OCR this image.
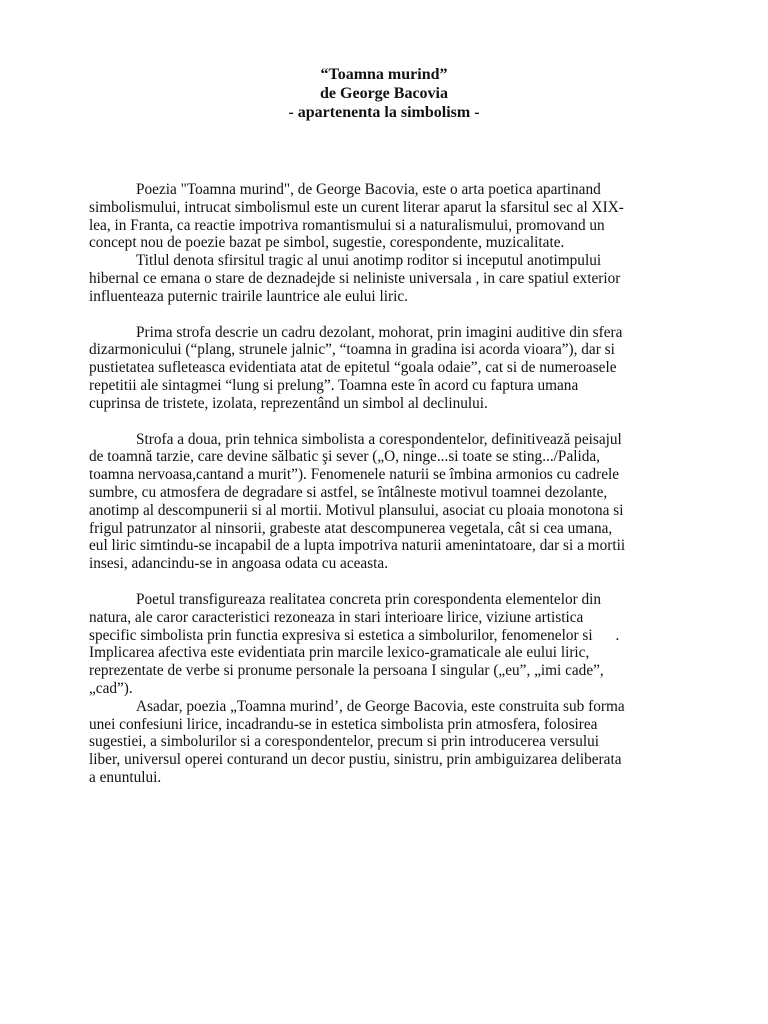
“Toamna murind”
de George Bacovia
- apartenenta la simbolism -

Poezia "Toamna murind", de George Bacovia, este o arta poetica apartinand
simbolismului, intrucat simbolismul este un curent literar aparut la sfarsitul sec al XIX-
lea, in Franta, ca reactie impotriva romantismului si a naturalismului, promovand un
concept nou de poezie bazat pe simbol, sugestie, corespondente, muzicalitate.

Titlul denota sfirsitul tragic al unui anotimp roditor si inceputul anotimpului
hibernal ce emana o stare de deznadejde si neliniste universala , in care spatiul exterior
influenteaza puternic trairile launtrice ale eului liric.

Prima strofa descrie un cadru dezolant, mohorat, prin imagini auditive din sfera
dizarmonicului (“plang, strunele jalnic”, “toamna in gradina isi acorda vioara”), dar si
pustietatea sufleteasca evidentiata atat de epitetul “goala odaie”, cat si de numeroasele
repetitii ale sintagmei “lung si prelung”. Toamna este în acord cu faptura umana
cuprinsa de tristete, izolata, reprezentând un simbol al declinului.

Strofa a doua, prin tehnica simbolista a corespondentelor, definitivează peisajul
de toamnă tarzie, care devine sălbatic şi sever („O, ninge...si toate se sting.../Palida,
toamna nervoasa,cantand a murit”). Fenomenele naturii se îmbina armonios cu cadrele
sumbre, cu atmosfera de degradare si astfel, se întâlneste motivul toamnei dezolante,
anotimp al descompunerii si al mortii. Motivul plansului, asociat cu ploaia monotona si
frigul patrunzator al ninsorii, grabeste atat descompunerea vegetala, cât si cea umana,
eul liric simtindu-se incapabil de a lupta impotriva naturii amenintatoare, dar si a mortii
insesi, adancindu-se in angoasa odata cu aceasta.

Poetul transfigureaza realitatea concreta prin corespondenta elementelor din
natura, ale caror caracteristici rezoneaza in stari interioare lirice, viziune artistica
specific simbolista prin functia expresiva si estetica a simbolurilor, fenomenelor si      .
Implicarea afectiva este evidentiata prin marcile lexico-gramaticale ale eului liric,
reprezentate de verbe si pronume personale la persoana I singular („eu”, „imi cade”,
„cad”).

Asadar, poezia „Toamna murind’, de George Bacovia, este construita sub forma
unei confesiuni lirice, incadrandu-se in estetica simbolista prin atmosfera, folosirea
sugestiei, a simbolurilor si a corespondentelor, precum si prin introducerea versului
liber, universul operei conturand un decor pustiu, sinistru, prin ambiguizarea deliberata
a enuntului.
